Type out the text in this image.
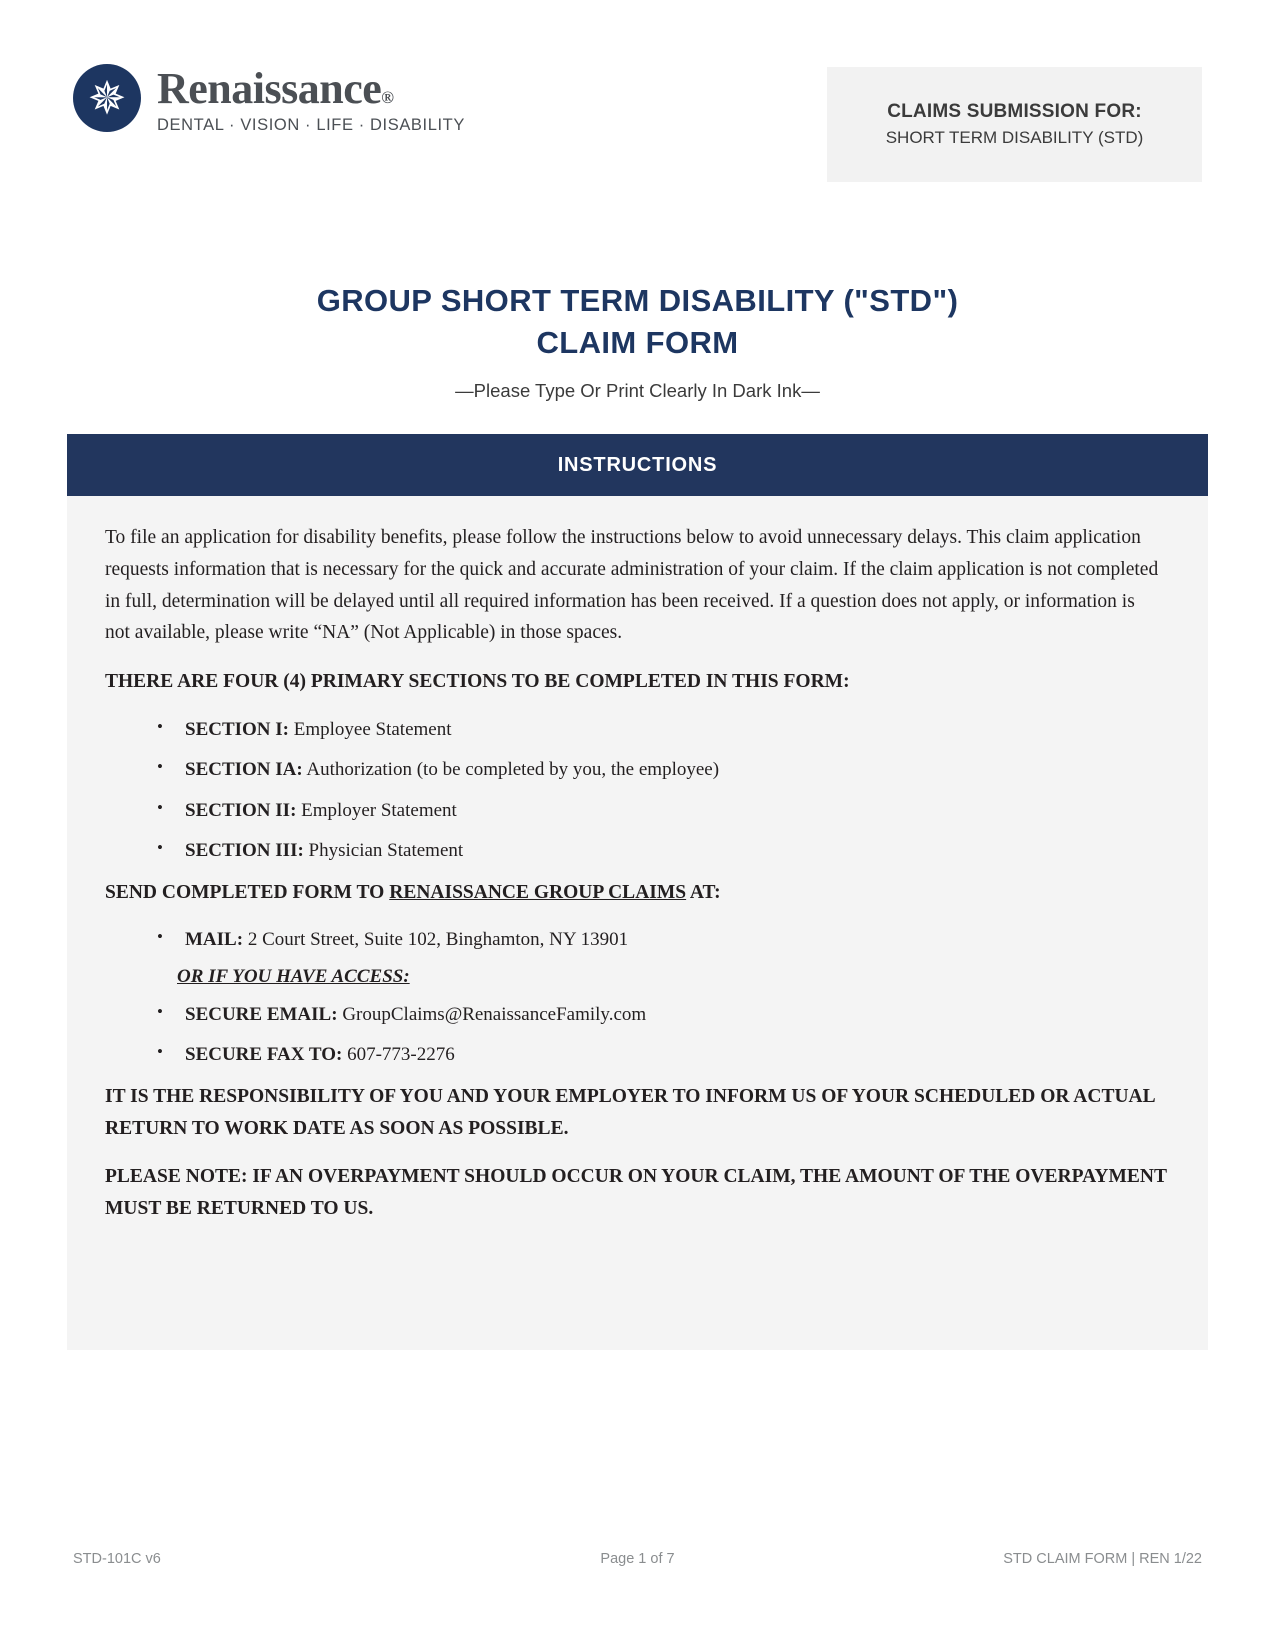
✵ Renaissance®
DENTAL · VISION · LIFE · DISABILITY
CLAIMS SUBMISSION FOR:
SHORT TERM DISABILITY (STD)
GROUP SHORT TERM DISABILITY ("STD")
CLAIM FORM
—Please Type Or Print Clearly In Dark Ink—
INSTRUCTIONS

To file an application for disability benefits, please follow the instructions below to avoid unnecessary delays. This claim application requests information that is necessary for the quick and accurate administration of your claim. If the claim application is not completed in full, determination will be delayed until all required information has been received. If a question does not apply, or information is not available, please write “NA” (Not Applicable) in those spaces.

THERE ARE FOUR (4) PRIMARY SECTIONS TO BE COMPLETED IN THIS FORM:

• SECTION I: Employee Statement
• SECTION IA: Authorization (to be completed by you, the employee)
• SECTION II: Employer Statement
• SECTION III: Physician Statement

SEND COMPLETED FORM TO RENAISSANCE GROUP CLAIMS AT:

• MAIL: 2 Court Street, Suite 102, Binghamton, NY 13901
OR IF YOU HAVE ACCESS:
• SECURE EMAIL: GroupClaims@RenaissanceFamily.com
• SECURE FAX TO: 607-773-2276

IT IS THE RESPONSIBILITY OF YOU AND YOUR EMPLOYER TO INFORM US OF YOUR SCHEDULED OR ACTUAL RETURN TO WORK DATE AS SOON AS POSSIBLE.

PLEASE NOTE: IF AN OVERPAYMENT SHOULD OCCUR ON YOUR CLAIM, THE AMOUNT OF THE OVERPAYMENT MUST BE RETURNED TO US.

STD-101C v6	Page 1 of 7	STD CLAIM FORM | REN 1/22
